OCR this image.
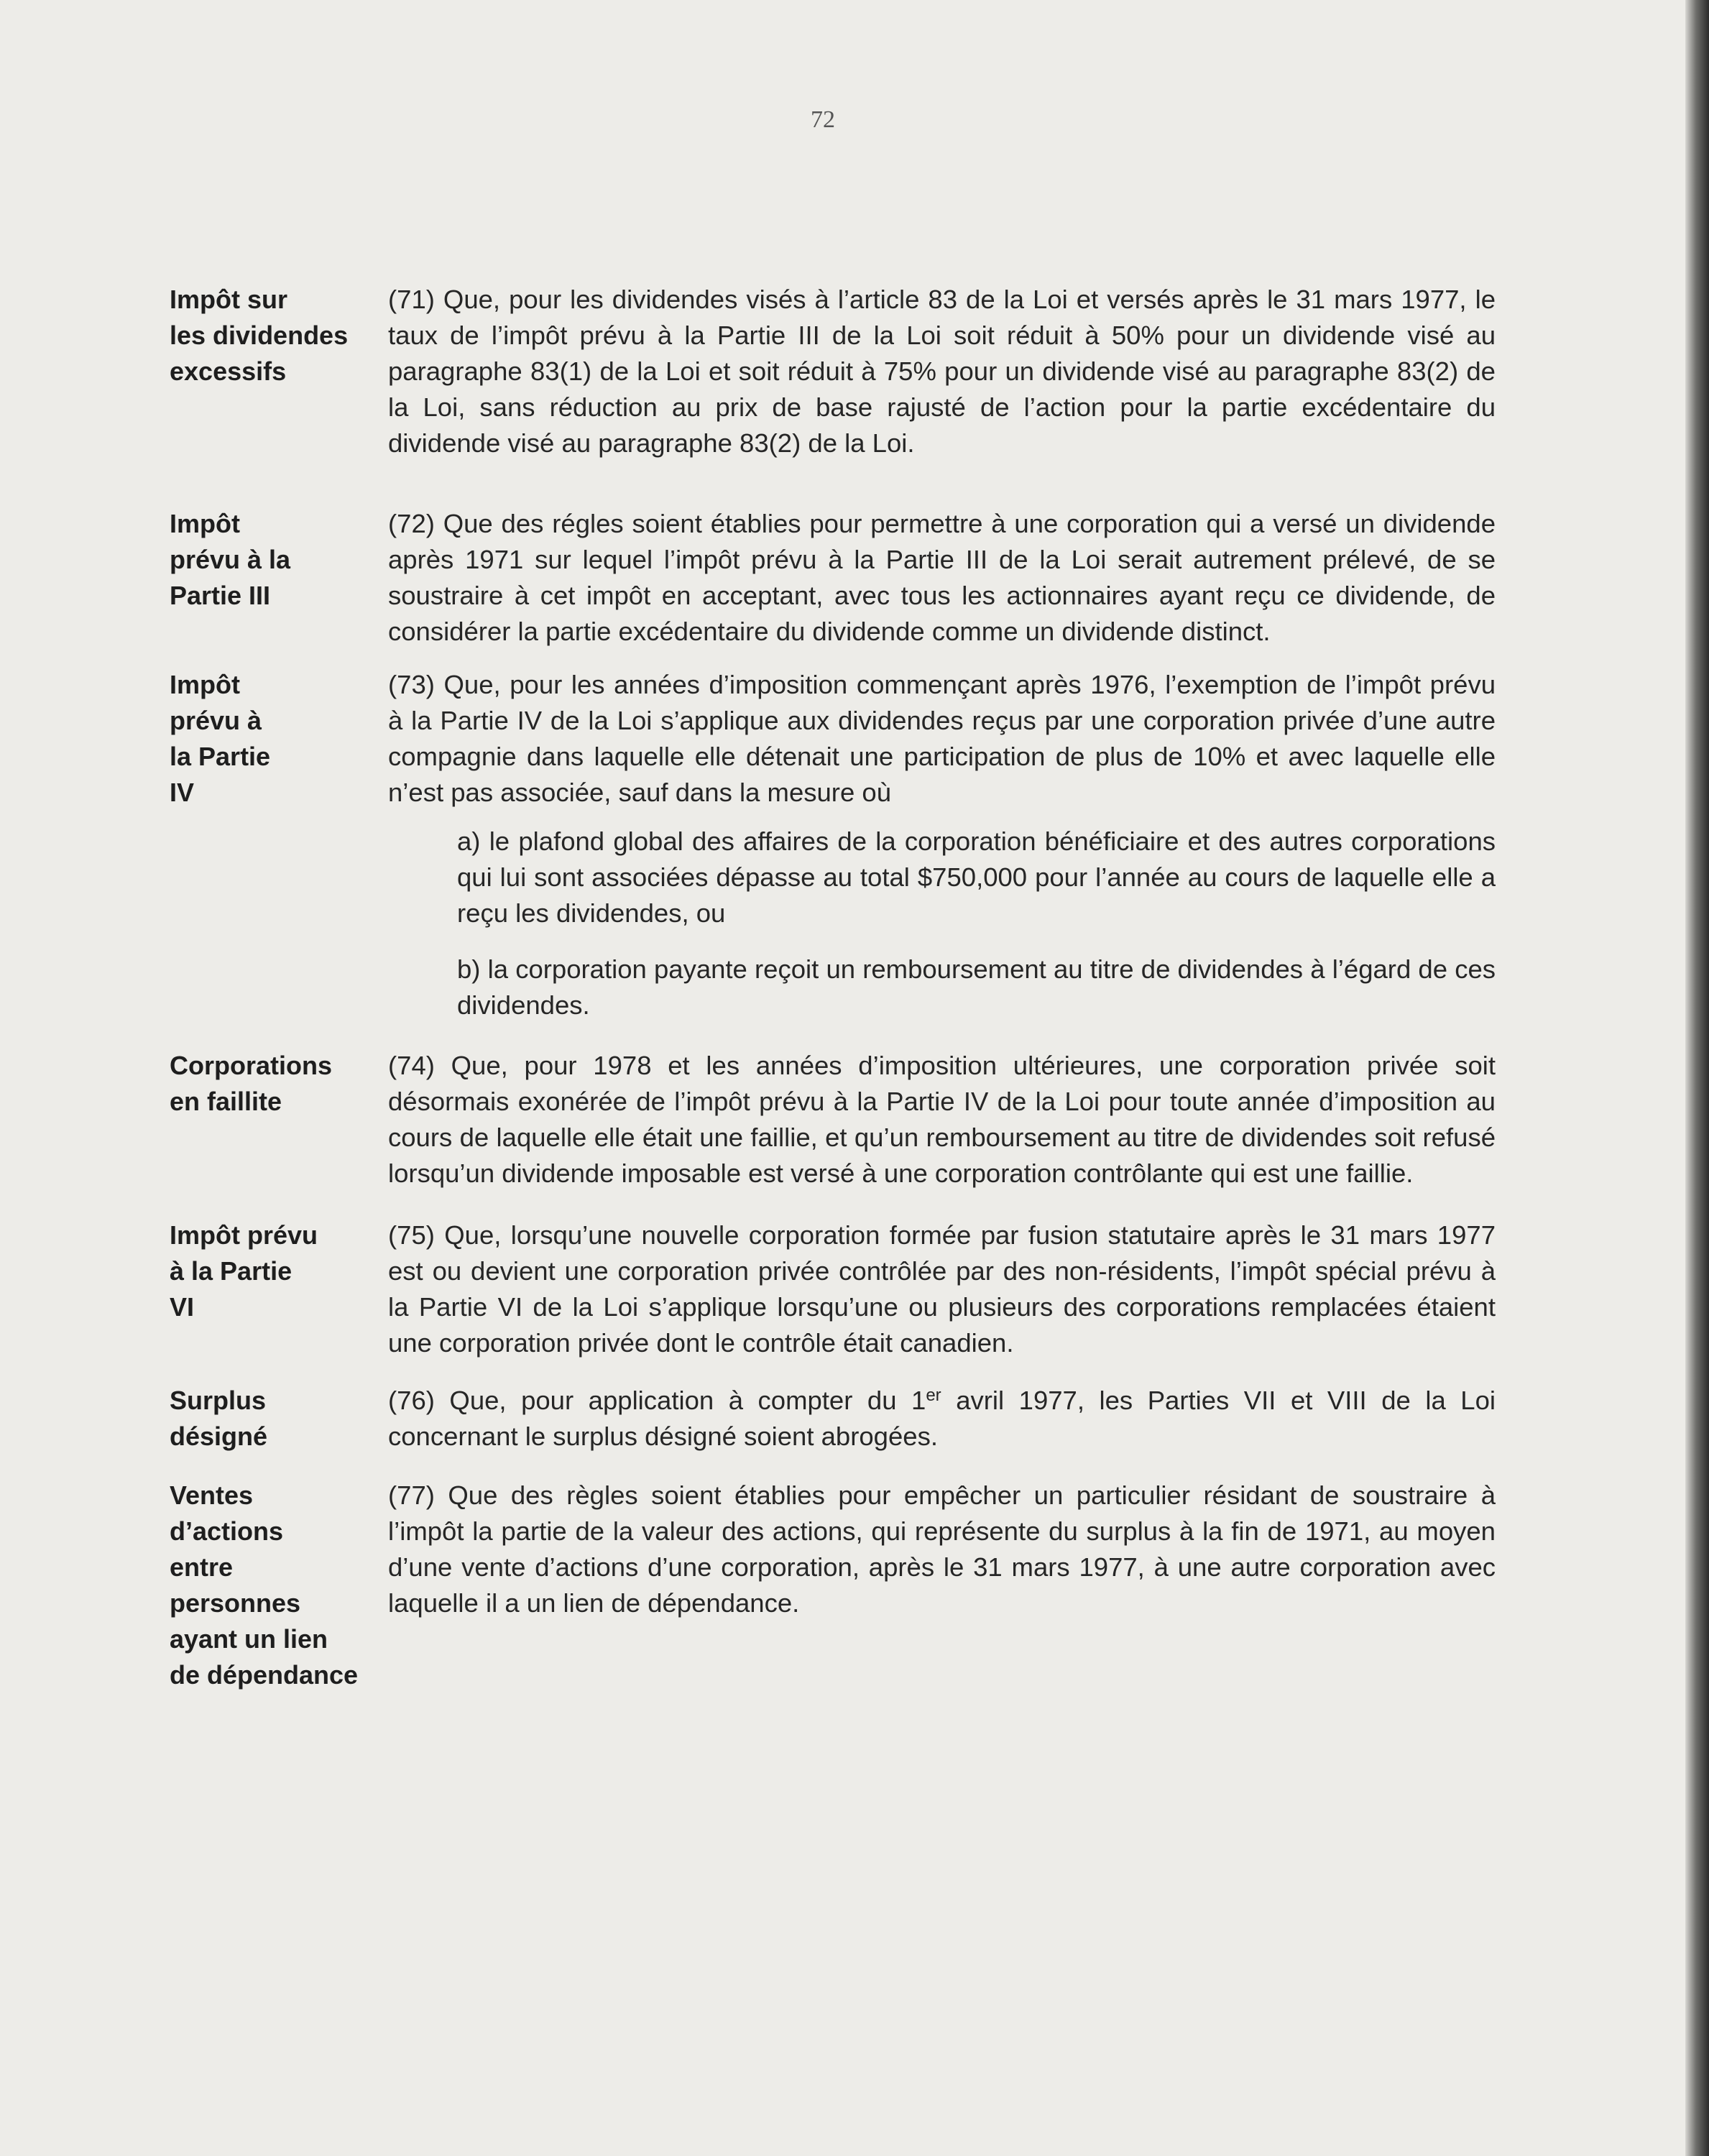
72
Impôt sur
les dividendes
excessifs
(71) Que, pour les dividendes visés à l’article 83 de la Loi et versés après le 31 mars 1977, le taux de l’impôt prévu à la Partie III de la Loi soit réduit à 50% pour un dividende visé au paragraphe 83(1) de la Loi et soit réduit à 75% pour un dividende visé au paragraphe 83(2) de la Loi, sans réduction au prix de base rajusté de l’action pour la partie excédentaire du dividende visé au paragraphe 83(2) de la Loi.
Impôt
prévu à la
Partie III
(72) Que des régles soient établies pour permettre à une corporation qui a versé un dividende après 1971 sur lequel l’impôt prévu à la Partie III de la Loi serait autrement prélevé, de se soustraire à cet impôt en acceptant, avec tous les actionnaires ayant reçu ce dividende, de considérer la partie excédentaire du dividende comme un dividende distinct.
Impôt
prévu à
la Partie
IV
(73) Que, pour les années d’imposition commençant après 1976, l’exemption de l’impôt prévu à la Partie IV de la Loi s’applique aux dividendes reçus par une corporation privée d’une autre compagnie dans laquelle elle détenait une participation de plus de 10% et avec laquelle elle n’est pas associée, sauf dans la mesure où
a) le plafond global des affaires de la corporation bénéficiaire et des autres corporations qui lui sont associées dépasse au total $750,000 pour l’année au cours de laquelle elle a reçu les dividendes, ou
b) la corporation payante reçoit un remboursement au titre de dividendes à l’égard de ces dividendes.
Corporations
en faillite
(74) Que, pour 1978 et les années d’imposition ultérieures, une corporation privée soit désormais exonérée de l’impôt prévu à la Partie IV de la Loi pour toute année d’imposition au cours de laquelle elle était une faillie, et qu’un remboursement au titre de dividendes soit refusé lorsqu’un dividende imposable est versé à une corporation contrôlante qui est une faillie.
Impôt prévu
à la Partie
VI
(75) Que, lorsqu’une nouvelle corporation formée par fusion statutaire après le 31 mars 1977 est ou devient une corporation privée contrôlée par des non-résidents, l’impôt spécial prévu à la Partie VI de la Loi s’applique lorsqu’une ou plusieurs des corporations remplacées étaient une corporation privée dont le contrôle était canadien.
Surplus
désigné
(76) Que, pour application à compter du 1er avril 1977, les Parties VII et VIII de la Loi concernant le surplus désigné soient abrogées.
Ventes
d’actions
entre
personnes
ayant un lien
de dépendance
(77) Que des règles soient établies pour empêcher un particulier résidant de soustraire à l’impôt la partie de la valeur des actions, qui représente du surplus à la fin de 1971, au moyen d’une vente d’actions d’une corporation, après le 31 mars 1977, à une autre corporation avec laquelle il a un lien de dépendance.
